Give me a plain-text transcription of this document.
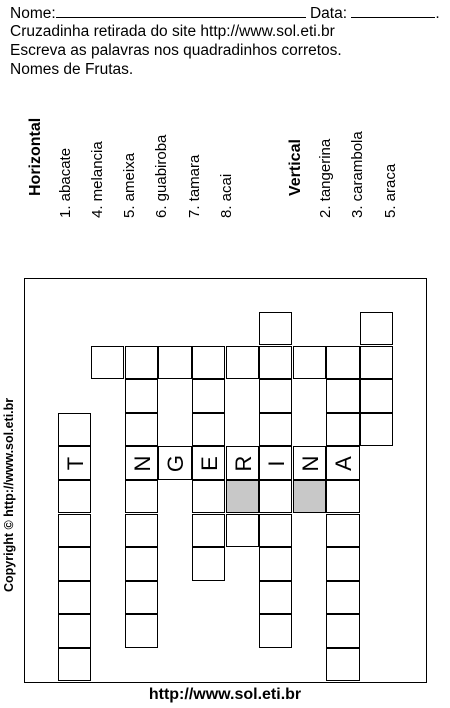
Nome:	Data:	.
Cruzadinha retirada do site http://www.sol.eti.br
Escreva as palavras nos quadradinhos corretos.
Nomes de Frutas.
Horizontal 1. abacate 4. melancia 5. ameixa 6. guabiroba 7. tamara 8. acai	Vertical 2. tangerina 3. carambola 5. araca
T N G E R I N A
Copyright © http://www.sol.eti.br
http://www.sol.eti.br
